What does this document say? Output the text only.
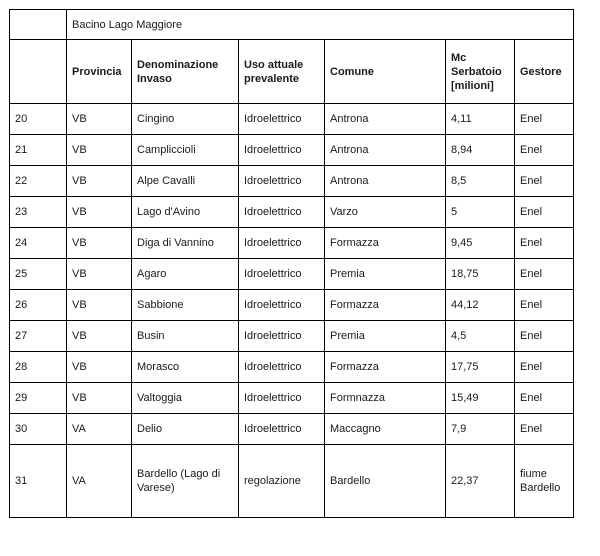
	Bacino Lago Maggiore					
	Provincia	Denominazione Invaso	Uso attuale prevalente	Comune	Mc Serbatoio [milioni]	Gestore
20	VB	Cingino	Idroelettrico	Antrona	4,11	Enel
21	VB	Campliccioli	Idroelettrico	Antrona	8,94	Enel
22	VB	Alpe Cavalli	Idroelettrico	Antrona	8,5	Enel
23	VB	Lago d'Avino	Idroelettrico	Varzo	5	Enel
24	VB	Diga di Vannino	Idroelettrico	Formazza	9,45	Enel
25	VB	Agaro	Idroelettrico	Premia	18,75	Enel
26	VB	Sabbione	Idroelettrico	Formazza	44,12	Enel
27	VB	Busin	Idroelettrico	Premia	4,5	Enel
28	VB	Morasco	Idroelettrico	Formazza	17,75	Enel
29	VB	Valtoggia	Idroelettrico	Formnazza	15,49	Enel
30	VA	Delio	Idroelettrico	Maccagno	7,9	Enel
31	VA	Bardello (Lago di Varese)	regolazione	Bardello	22,37	fiume Bardello
